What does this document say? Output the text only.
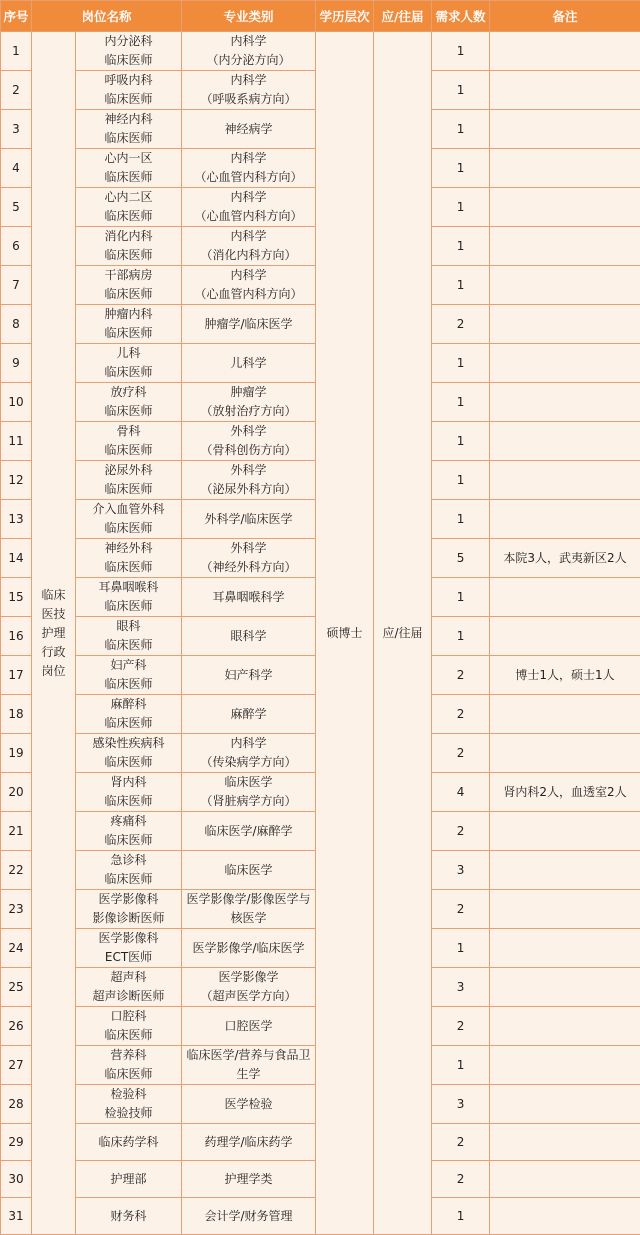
序号	岗位名称		专业类别	学历层次	应/往届	需求人数	备注
1	临床
医技
护理
行政
岗位	内分泌科
临床医师	内科学
（内分泌方向）	硕博士	应/往届	1	
2		呼吸内科
临床医师	内科学
（呼吸系病方向）			1	
3		神经内科
临床医师	神经病学			1	
4		心内一区
临床医师	内科学
（心血管内科方向）			1	
5		心内二区
临床医师	内科学
（心血管内科方向）			1	
6		消化内科
临床医师	内科学
（消化内科方向）			1	
7		干部病房
临床医师	内科学
（心血管内科方向）			1	
8		肿瘤内科
临床医师	肿瘤学/临床医学			2	
9		儿科
临床医师	儿科学			1	
10		放疗科
临床医师	肿瘤学
（放射治疗方向）			1	
11		骨科
临床医师	外科学
（骨科创伤方向）			1	
12		泌尿外科
临床医师	外科学
（泌尿外科方向）			1	
13		介入血管外科
临床医师	外科学/临床医学			1	
14		神经外科
临床医师	外科学
（神经外科方向）			5	本院3人，武夷新区2人
15		耳鼻咽喉科
临床医师	耳鼻咽喉科学			1	
16		眼科
临床医师	眼科学			1	
17		妇产科
临床医师	妇产科学			2	博士1人，硕士1人
18		麻醉科
临床医师	麻醉学			2	
19		感染性疾病科
临床医师	内科学
（传染病学方向）			2	
20		肾内科
临床医师	临床医学
（肾脏病学方向）			4	肾内科2人，血透室2人
21		疼痛科
临床医师	临床医学/麻醉学			2	
22		急诊科
临床医师	临床医学			3	
23		医学影像科
影像诊断医师	医学影像学/影像医学与
核医学			2	
24		医学影像科
ECT医师	医学影像学/临床医学			1	
25		超声科
超声诊断医师	医学影像学
（超声医学方向）			3	
26		口腔科
临床医师	口腔医学			2	
27		营养科
临床医师	临床医学/营养与食品卫
生学			1	
28		检验科
检验技师	医学检验			3	
29		临床药学科	药理学/临床药学			2	
30		护理部	护理学类			2	
31		财务科	会计学/财务管理			1	
